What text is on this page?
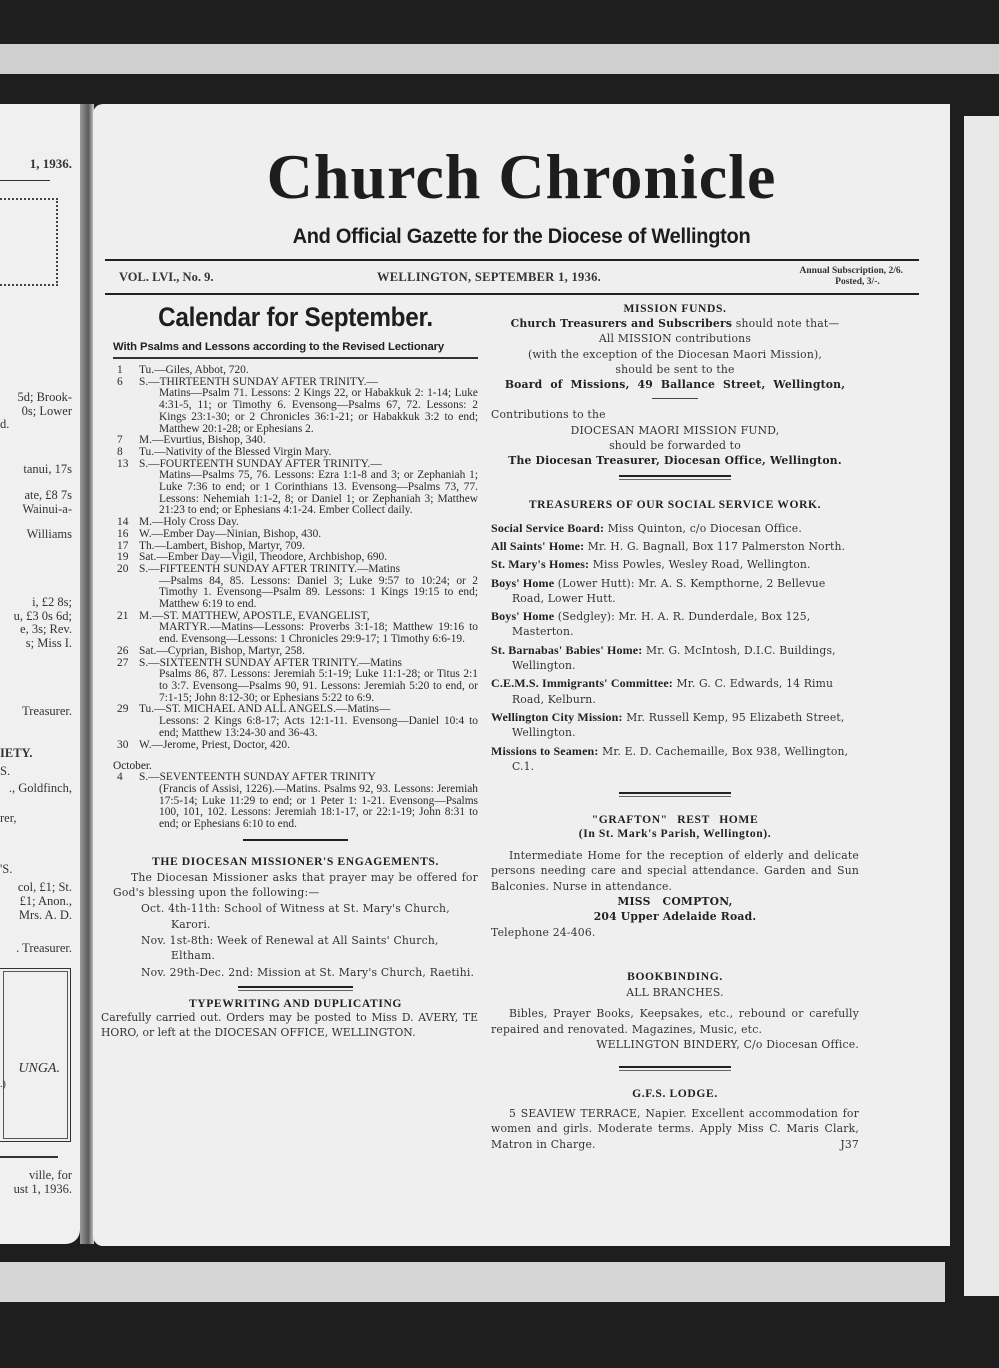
1, 1936.
5d; Brook-
0s; Lower
d.
tanui, 17s
ate, £8 7s
Wainui-a-
Williams
i, £2 8s;
u, £3 0s 6d;
e, 3s; Rev.
s; Miss I.
Treasurer.
IETY.
S.
., Goldfinch,
rer,
'S.
col, £1; St.
£1; Anon.,
Mrs. A. D.
. Treasurer.
UNGA.
.)
ville, for
ust 1, 1936.
Church Chronicle
And Official Gazette for the Diocese of Wellington
VOL. LVI., No. 9.	WELLINGTON, SEPTEMBER 1, 1936.	Annual Subscription, 2/6.
Posted, 3/-.
Calendar for September.
With Psalms and Lessons according to the Revised Lectionary
1	Tu.—Giles, Abbot, 720.
6	S.—THIRTEENTH SUNDAY AFTER TRINITY.—
Matins—Psalm 71. Lessons: 2 Kings 22, or Habakkuk 2: 1-14; Luke 4:31-5, 11; or Timothy 6. Evensong—Psalms 67, 72. Lessons: 2 Kings 23:1-30; or 2 Chronicles 36:1-21; or Habakkuk 3:2 to end; Matthew 20:1-28; or Ephesians 2.
7	M.—Evurtius, Bishop, 340.
8	Tu.—Nativity of the Blessed Virgin Mary.
13 S.—FOURTEENTH SUNDAY AFTER TRINITY.—
Matins—Psalms 75, 76. Lessons: Ezra 1:1-8 and 3; or Zephaniah 1; Luke 7:36 to end; or 1 Corinthians 13. Evensong—Psalms 73, 77. Lessons: Nehemiah 1:1-2, 8; or Daniel 1; or Zephaniah 3; Matthew 21:23 to end; or Ephesians 4:1-24. Ember Collect daily.
14 M.—Holy Cross Day.
16 W.—Ember Day—Ninian, Bishop, 430.
17 Th.—Lambert, Bishop, Martyr, 709.
19 Sat.—Ember Day—Vigil, Theodore, Archbishop, 690.
20 S.—FIFTEENTH SUNDAY AFTER TRINITY.—Matins
—Psalms 84, 85. Lessons: Daniel 3; Luke 9:57 to 10:24; or 2 Timothy 1. Evensong—Psalm 89. Lessons: 1 Kings 19:15 to end; Matthew 6:19 to end.
21 M.—ST. MATTHEW, APOSTLE, EVANGELIST,
MARTYR.—Matins—Lessons: Proverbs 3:1-18; Matthew 19:16 to end. Evensong—Lessons: 1 Chronicles 29:9-17; 1 Timothy 6:6-19.
26 Sat.—Cyprian, Bishop, Martyr, 258.
27 S.—SIXTEENTH SUNDAY AFTER TRINITY.—Matins
Psalms 86, 87. Lessons: Jeremiah 5:1-19; Luke 11:1-28; or Titus 2:1 to 3:7. Evensong—Psalms 90, 91. Lessons: Jeremiah 5:20 to end, or 7:1-15; John 8:12-30; or Ephesians 5:22 to 6:9.
29 Tu.—ST. MICHAEL AND ALL ANGELS.—Matins—
Lessons: 2 Kings 6:8-17; Acts 12:1-11. Evensong—Daniel 10:4 to end; Matthew 13:24-30 and 36-43.
30 W.—Jerome, Priest, Doctor, 420.
October.
4	S.—SEVENTEENTH SUNDAY AFTER TRINITY
(Francis of Assisi, 1226).—Matins. Psalms 92, 93. Lessons: Jeremiah 17:5-14; Luke 11:29 to end; or 1 Peter 1: 1-21. Evensong—Psalms 100, 101, 102. Lessons: Jeremiah 18:1-17, or 22:1-19; John 8:31 to end; or Ephesians 6:10 to end.
THE DIOCESAN MISSIONER'S ENGAGEMENTS.
The Diocesan Missioner asks that prayer may be offered for God's blessing upon the following:—
Oct. 4th-11th: School of Witness at St. Mary's Church, Karori.
Nov. 1st-8th: Week of Renewal at All Saints' Church, Eltham.
Nov. 29th-Dec. 2nd: Mission at St. Mary's Church, Raetihi.
TYPEWRITING AND DUPLICATING
Carefully carried out. Orders may be posted to Miss D. AVERY, TE HORO, or left at the DIOCESAN OFFICE, WELLINGTON.
MISSION FUNDS.
Church Treasurers and Subscribers should note that—
All MISSION contributions
(with the exception of the Diocesan Maori Mission),
should be sent to the
Board of Missions, 49 Ballance Street, Wellington,
Contributions to the
DIOCESAN MAORI MISSION FUND,
should be forwarded to
The Diocesan Treasurer, Diocesan Office, Wellington.
TREASURERS OF OUR SOCIAL SERVICE WORK.
Social Service Board: Miss Quinton, c/o Diocesan Office.
All Saints' Home: Mr. H. G. Bagnall, Box 117 Palmerston North.
St. Mary's Homes: Miss Powles, Wesley Road, Wellington.
Boys' Home (Lower Hutt): Mr. A. S. Kempthorne, 2 Bellevue Road, Lower Hutt.
Boys' Home (Sedgley): Mr. H. A. R. Dunderdale, Box 125, Masterton.
St. Barnabas' Babies' Home: Mr. G. McIntosh, D.I.C. Buildings, Wellington.
C.E.M.S. Immigrants' Committee: Mr. G. C. Edwards, 14 Rimu Road, Kelburn.
Wellington City Mission: Mr. Russell Kemp, 95 Elizabeth Street, Wellington.
Missions to Seamen: Mr. E. D. Cachemaille, Box 938, Wellington, C.1.
"GRAFTON" REST HOME
(In St. Mark's Parish, Wellington).
Intermediate Home for the reception of elderly and delicate persons needing care and special attendance. Garden and Sun Balconies. Nurse in attendance.
MISS COMPTON,
204 Upper Adelaide Road.
Telephone 24-406.
BOOKBINDING.
ALL BRANCHES.
Bibles, Prayer Books, Keepsakes, etc., rebound or carefully repaired and renovated. Magazines, Music, etc.
WELLINGTON BINDERY, C/o Diocesan Office.
G.F.S. LODGE.
5 SEAVIEW TERRACE, Napier. Excellent accommodation for women and girls. Moderate terms. Apply Miss C. Maris Clark, Matron in Charge.	J37
